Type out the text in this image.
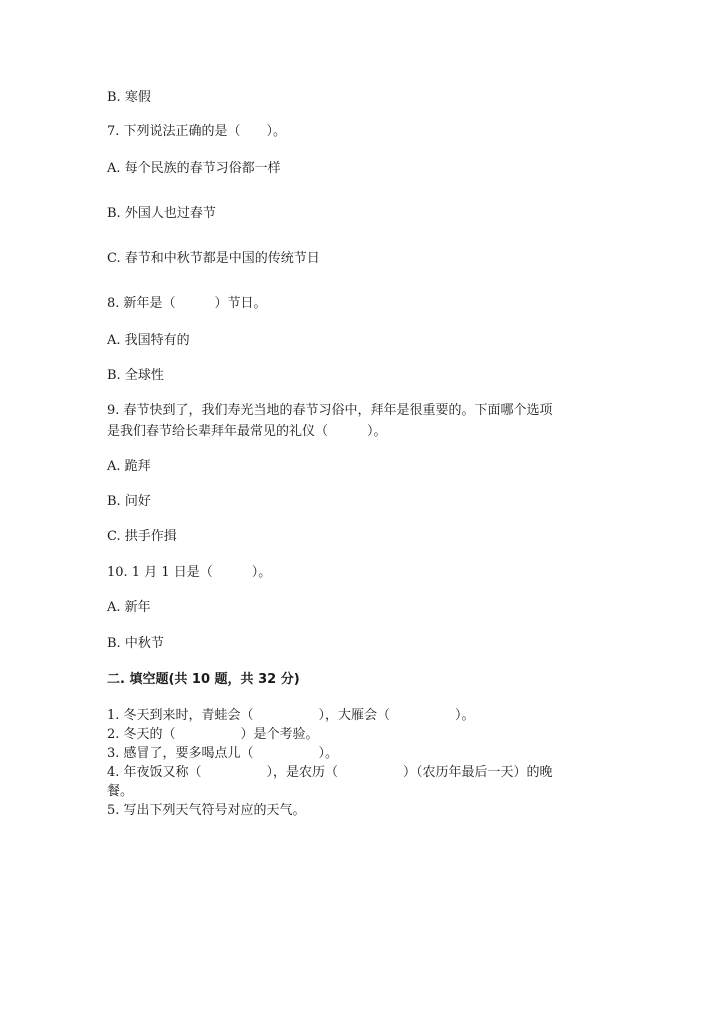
B. 寒假
7. 下列说法正确的是（　　）。
A. 每个民族的春节习俗都一样
B. 外国人也过春节
C. 春节和中秋节都是中国的传统节日
8. 新年是（　　　）节日。
A. 我国特有的
B. 全球性
9. 春节快到了，我们寿光当地的春节习俗中，拜年是很重要的。下面哪个选项
是我们春节给长辈拜年最常见的礼仪（　　　）。
A. 跪拜
B. 问好
C. 拱手作揖
10. 1 月 1 日是（　　　）。
A. 新年
B. 中秋节
二. 填空题(共 10 题，共 32 分)
1. 冬天到来时，青蛙会（　　　　　），大雁会（　　　　　）。
2. 冬天的（　　　　　）是个考验。
3. 感冒了，要多喝点儿（　　　　　）。
4. 年夜饭又称（　　　　　），是农历（　　　　　）（农历年最后一天）的晚
餐。
5. 写出下列天气符号对应的天气。
